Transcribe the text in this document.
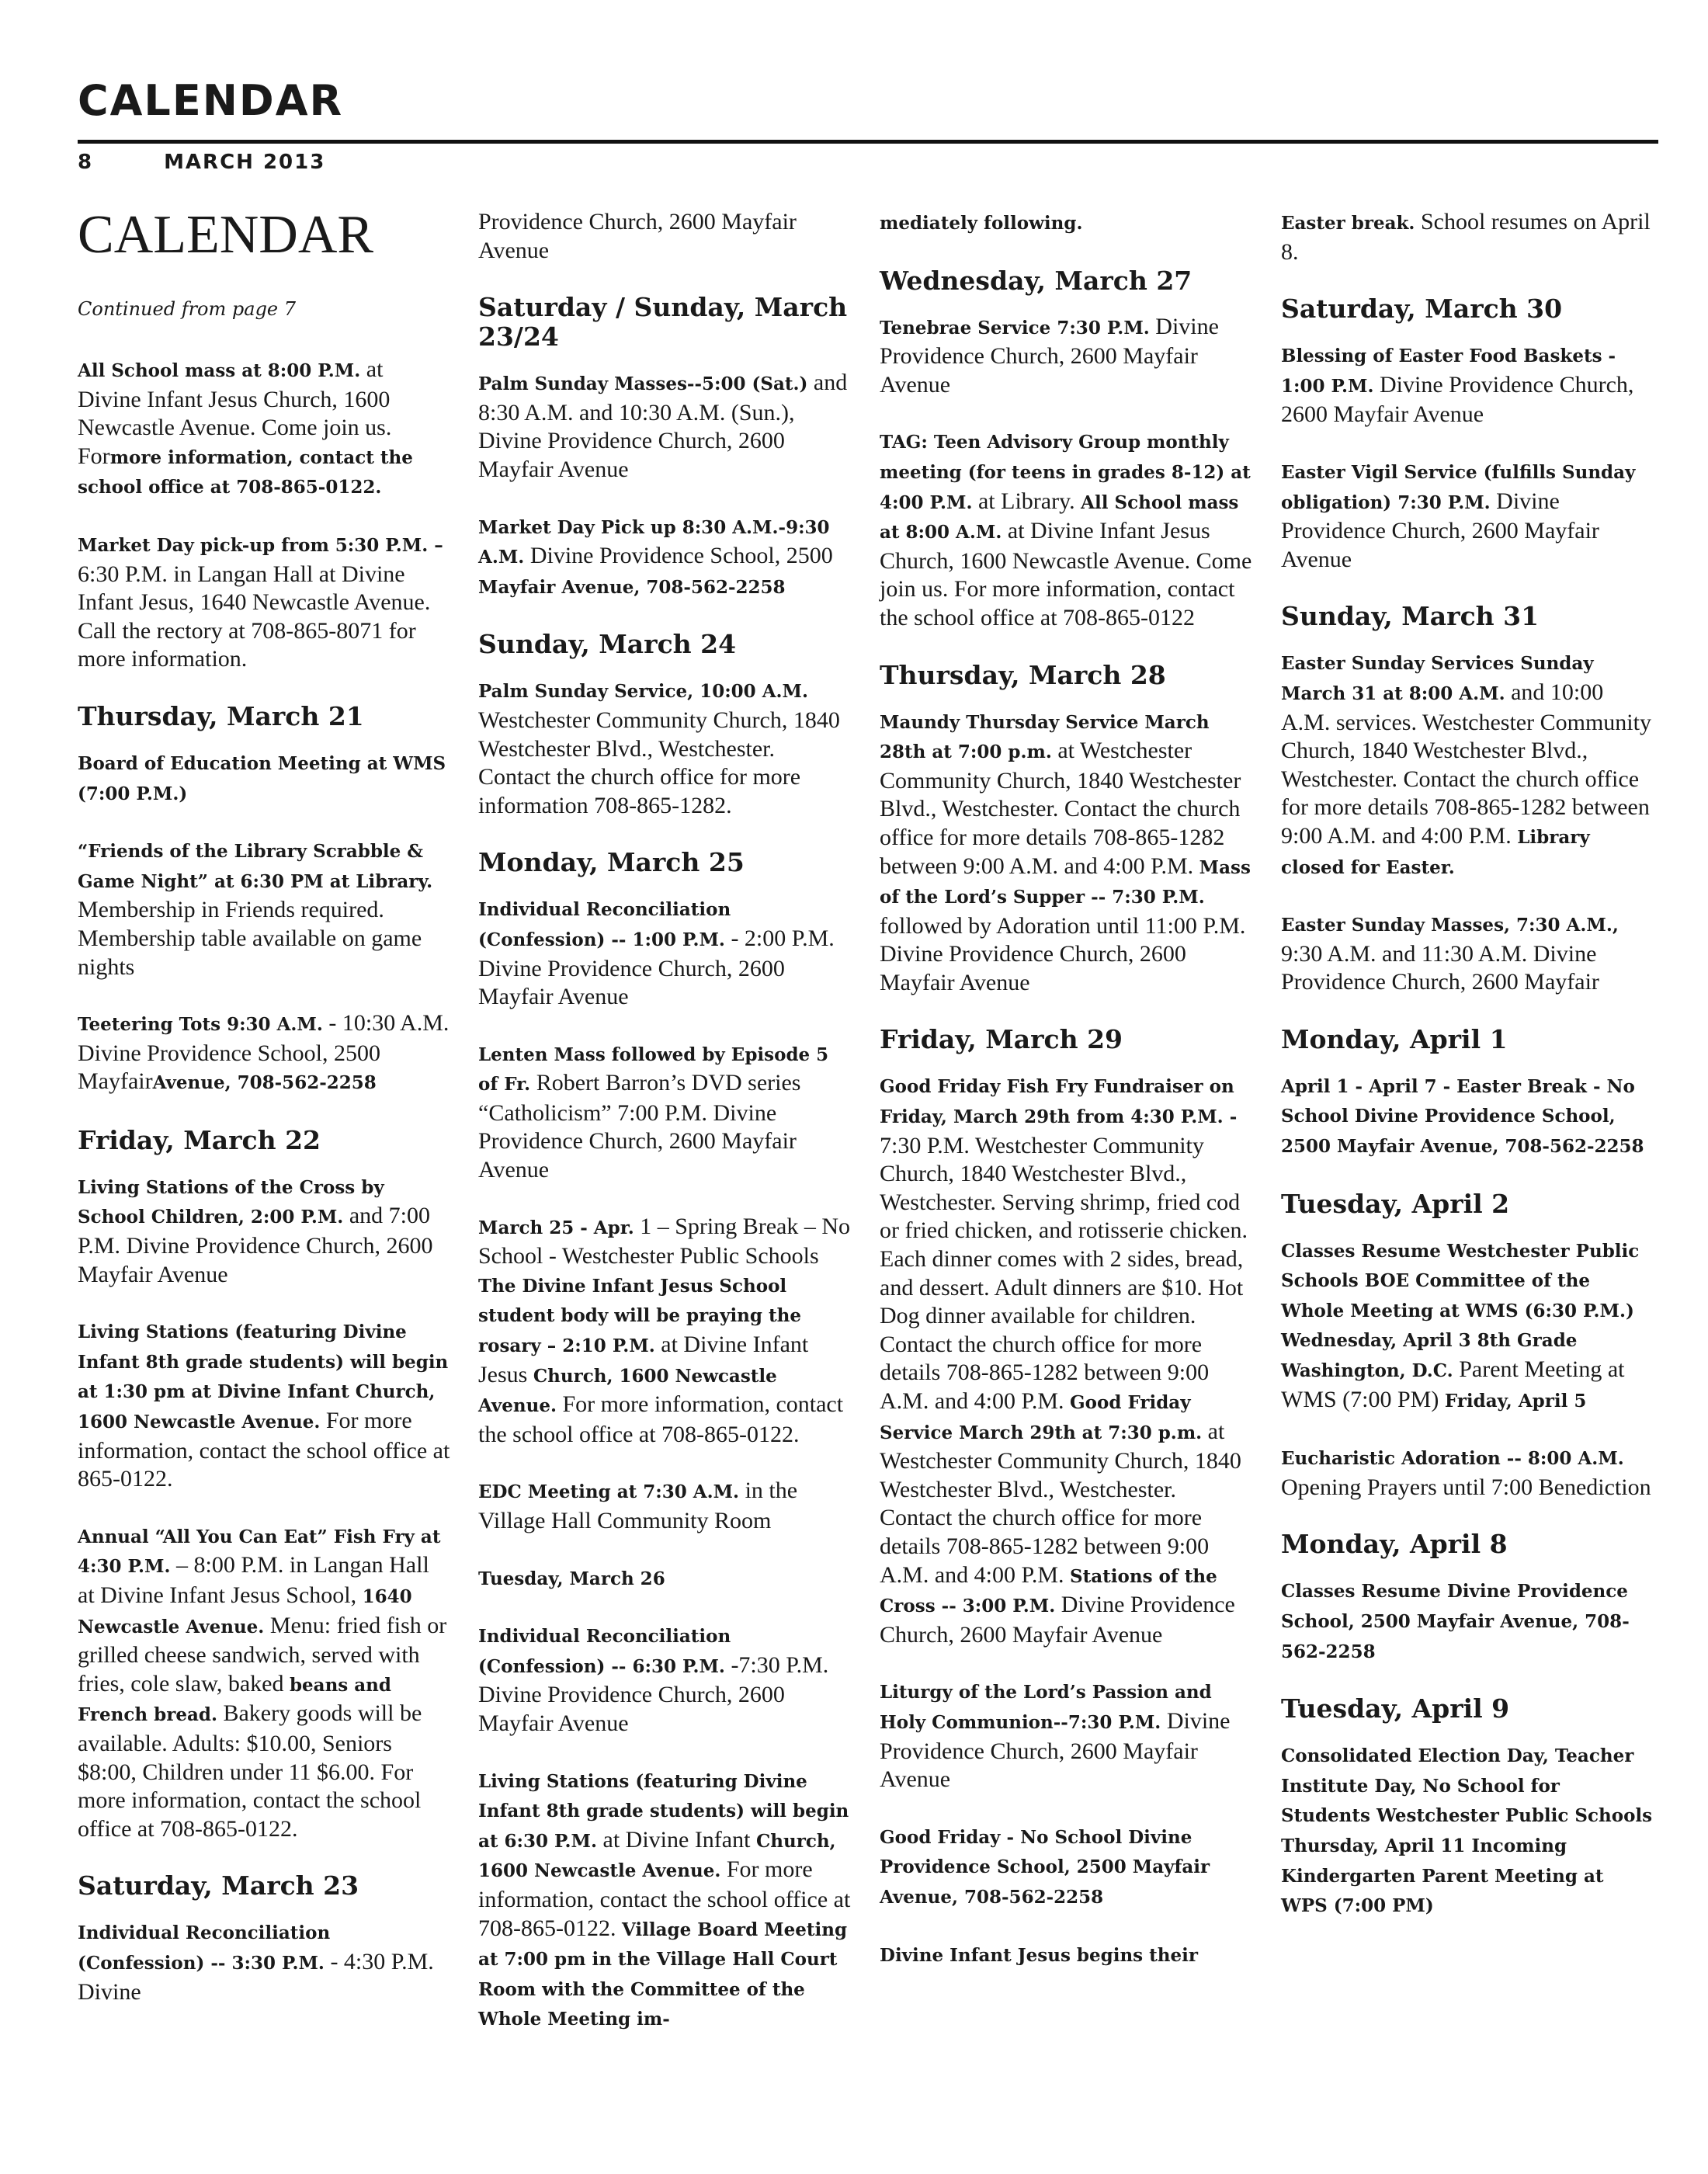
CALENDAR
8	MARCH 2013
CALENDAR
Continued from page 7
All School mass at 8:00 P.M. at Divine Infant Jesus Church, 1600 Newcastle Avenue. Come join us. Formore information, contact the school office at 708-865-0122.
Market Day pick-up from 5:30 P.M. – 6:30 P.M. in Langan Hall at Divine Infant Jesus, 1640 Newcastle Avenue. Call the rectory at 708-865-8071 for more information.
Thursday, March 21
Board of Education Meeting at WMS (7:00 P.M.)
“Friends of the Library Scrabble & Game Night” at 6:30 PM at Library. Membership in Friends required. Membership table available on game nights
Teetering Tots 9:30 A.M. - 10:30 A.M. Divine Providence School, 2500 MayfairAvenue, 708-562-2258
Friday, March 22
Living Stations of the Cross by School Children, 2:00 P.M. and 7:00 P.M. Divine Providence Church, 2600 Mayfair Avenue
Living Stations (featuring Divine Infant 8th grade students) will begin at 1:30 pm at Divine Infant Church, 1600 Newcastle Avenue. For more information, contact the school office at 865-0122.
Annual “All You Can Eat” Fish Fry at 4:30 P.M. – 8:00 P.M. in Langan Hall at Divine Infant Jesus School, 1640 Newcastle Avenue. Menu: fried fish or grilled cheese sandwich, served with fries, cole slaw, baked beans and French bread. Bakery goods will be available. Adults: $10.00, Seniors $8:00, Children under 11 $6.00. For more information, contact the school office at 708-865-0122.
Saturday, March 23
Individual Reconciliation (Confession) -- 3:30 P.M. - 4:30 P.M. Divine
Providence Church, 2600 Mayfair Avenue
Saturday / Sunday, March 23/24
Palm Sunday Masses--5:00 (Sat.) and 8:30 A.M. and 10:30 A.M. (Sun.), Divine Providence Church, 2600 Mayfair Avenue
Market Day Pick up 8:30 A.M.-9:30 A.M. Divine Providence School, 2500 Mayfair Avenue, 708-562-2258
Sunday, March 24
Palm Sunday Service, 10:00 A.M. Westchester Community Church, 1840 Westchester Blvd., Westchester. Contact the church office for more information 708-865-1282.
Monday, March 25
Individual Reconciliation (Confession) -- 1:00 P.M. - 2:00 P.M. Divine Providence Church, 2600 Mayfair Avenue
Lenten Mass followed by Episode 5 of Fr. Robert Barron’s DVD series “Catholicism” 7:00 P.M. Divine Providence Church, 2600 Mayfair Avenue
March 25 - Apr. 1 – Spring Break – No School - Westchester Public Schools The Divine Infant Jesus School student body will be praying the rosary – 2:10 P.M. at Divine Infant Jesus Church, 1600 Newcastle Avenue. For more information, contact the school office at 708-865-0122.
EDC Meeting at 7:30 A.M. in the Village Hall Community Room
Tuesday, March 26
Individual Reconciliation (Confession) -- 6:30 P.M. -7:30 P.M. Divine Providence Church, 2600 Mayfair Avenue
Living Stations (featuring Divine Infant 8th grade students) will begin at 6:30 P.M. at Divine Infant Church, 1600 Newcastle Avenue. For more information, contact the school office at 708-865-0122. Village Board Meeting at 7:00 pm in the Village Hall Court Room with the Committee of the Whole Meeting im-
mediately following.
Wednesday, March 27
Tenebrae Service 7:30 P.M. Divine Providence Church, 2600 Mayfair Avenue
TAG: Teen Advisory Group monthly meeting (for teens in grades 8-12) at 4:00 P.M. at Library. All School mass at 8:00 A.M. at Divine Infant Jesus Church, 1600 Newcastle Avenue. Come join us. For more information, contact the school office at 708-865-0122
Thursday, March 28
Maundy Thursday Service March 28th at 7:00 p.m. at Westchester Community Church, 1840 Westchester Blvd., Westchester. Contact the church office for more details 708-865-1282 between 9:00 A.M. and 4:00 P.M. Mass of the Lord’s Supper -- 7:30 P.M. followed by Adoration until 11:00 P.M. Divine Providence Church, 2600 Mayfair Avenue
Friday, March 29
Good Friday Fish Fry Fundraiser on Friday, March 29th from 4:30 P.M. - 7:30 P.M. Westchester Community Church, 1840 Westchester Blvd., Westchester. Serving shrimp, fried cod or fried chicken, and rotisserie chicken. Each dinner comes with 2 sides, bread, and dessert. Adult dinners are $10. Hot Dog dinner available for children. Contact the church office for more details 708-865-1282 between 9:00 A.M. and 4:00 P.M. Good Friday Service March 29th at 7:30 p.m. at Westchester Community Church, 1840 Westchester Blvd., Westchester. Contact the church office for more details 708-865-1282 between 9:00 A.M. and 4:00 P.M. Stations of the Cross -- 3:00 P.M. Divine Providence Church, 2600 Mayfair Avenue
Liturgy of the Lord’s Passion and Holy Communion--7:30 P.M. Divine Providence Church, 2600 Mayfair Avenue
Good Friday - No School Divine Providence School, 2500 Mayfair Avenue, 708-562-2258
Divine Infant Jesus begins their
Easter break. School resumes on April 8.
Saturday, March 30
Blessing of Easter Food Baskets - 1:00 P.M. Divine Providence Church, 2600 Mayfair Avenue
Easter Vigil Service (fulfills Sunday obligation) 7:30 P.M. Divine Providence Church, 2600 Mayfair Avenue
Sunday, March 31
Easter Sunday Services Sunday March 31 at 8:00 A.M. and 10:00 A.M. services. Westchester Community Church, 1840 Westchester Blvd., Westchester. Contact the church office for more details 708-865-1282 between 9:00 A.M. and 4:00 P.M. Library closed for Easter.
Easter Sunday Masses, 7:30 A.M., 9:30 A.M. and 11:30 A.M. Divine Providence Church, 2600 Mayfair
Monday, April 1
April 1 - April 7 - Easter Break - No School Divine Providence School, 2500 Mayfair Avenue, 708-562-2258
Tuesday, April 2
Classes Resume Westchester Public Schools BOE Committee of the Whole Meeting at WMS (6:30 P.M.) Wednesday, April 3 8th Grade Washington, D.C. Parent Meeting at WMS (7:00 PM) Friday, April 5
Eucharistic Adoration -- 8:00 A.M. Opening Prayers until 7:00 Benediction
Monday, April 8
Classes Resume Divine Providence School, 2500 Mayfair Avenue, 708-562-2258
Tuesday, April 9
Consolidated Election Day, Teacher Institute Day, No School for Students Westchester Public Schools Thursday, April 11 Incoming Kindergarten Parent Meeting at WPS (7:00 PM)
